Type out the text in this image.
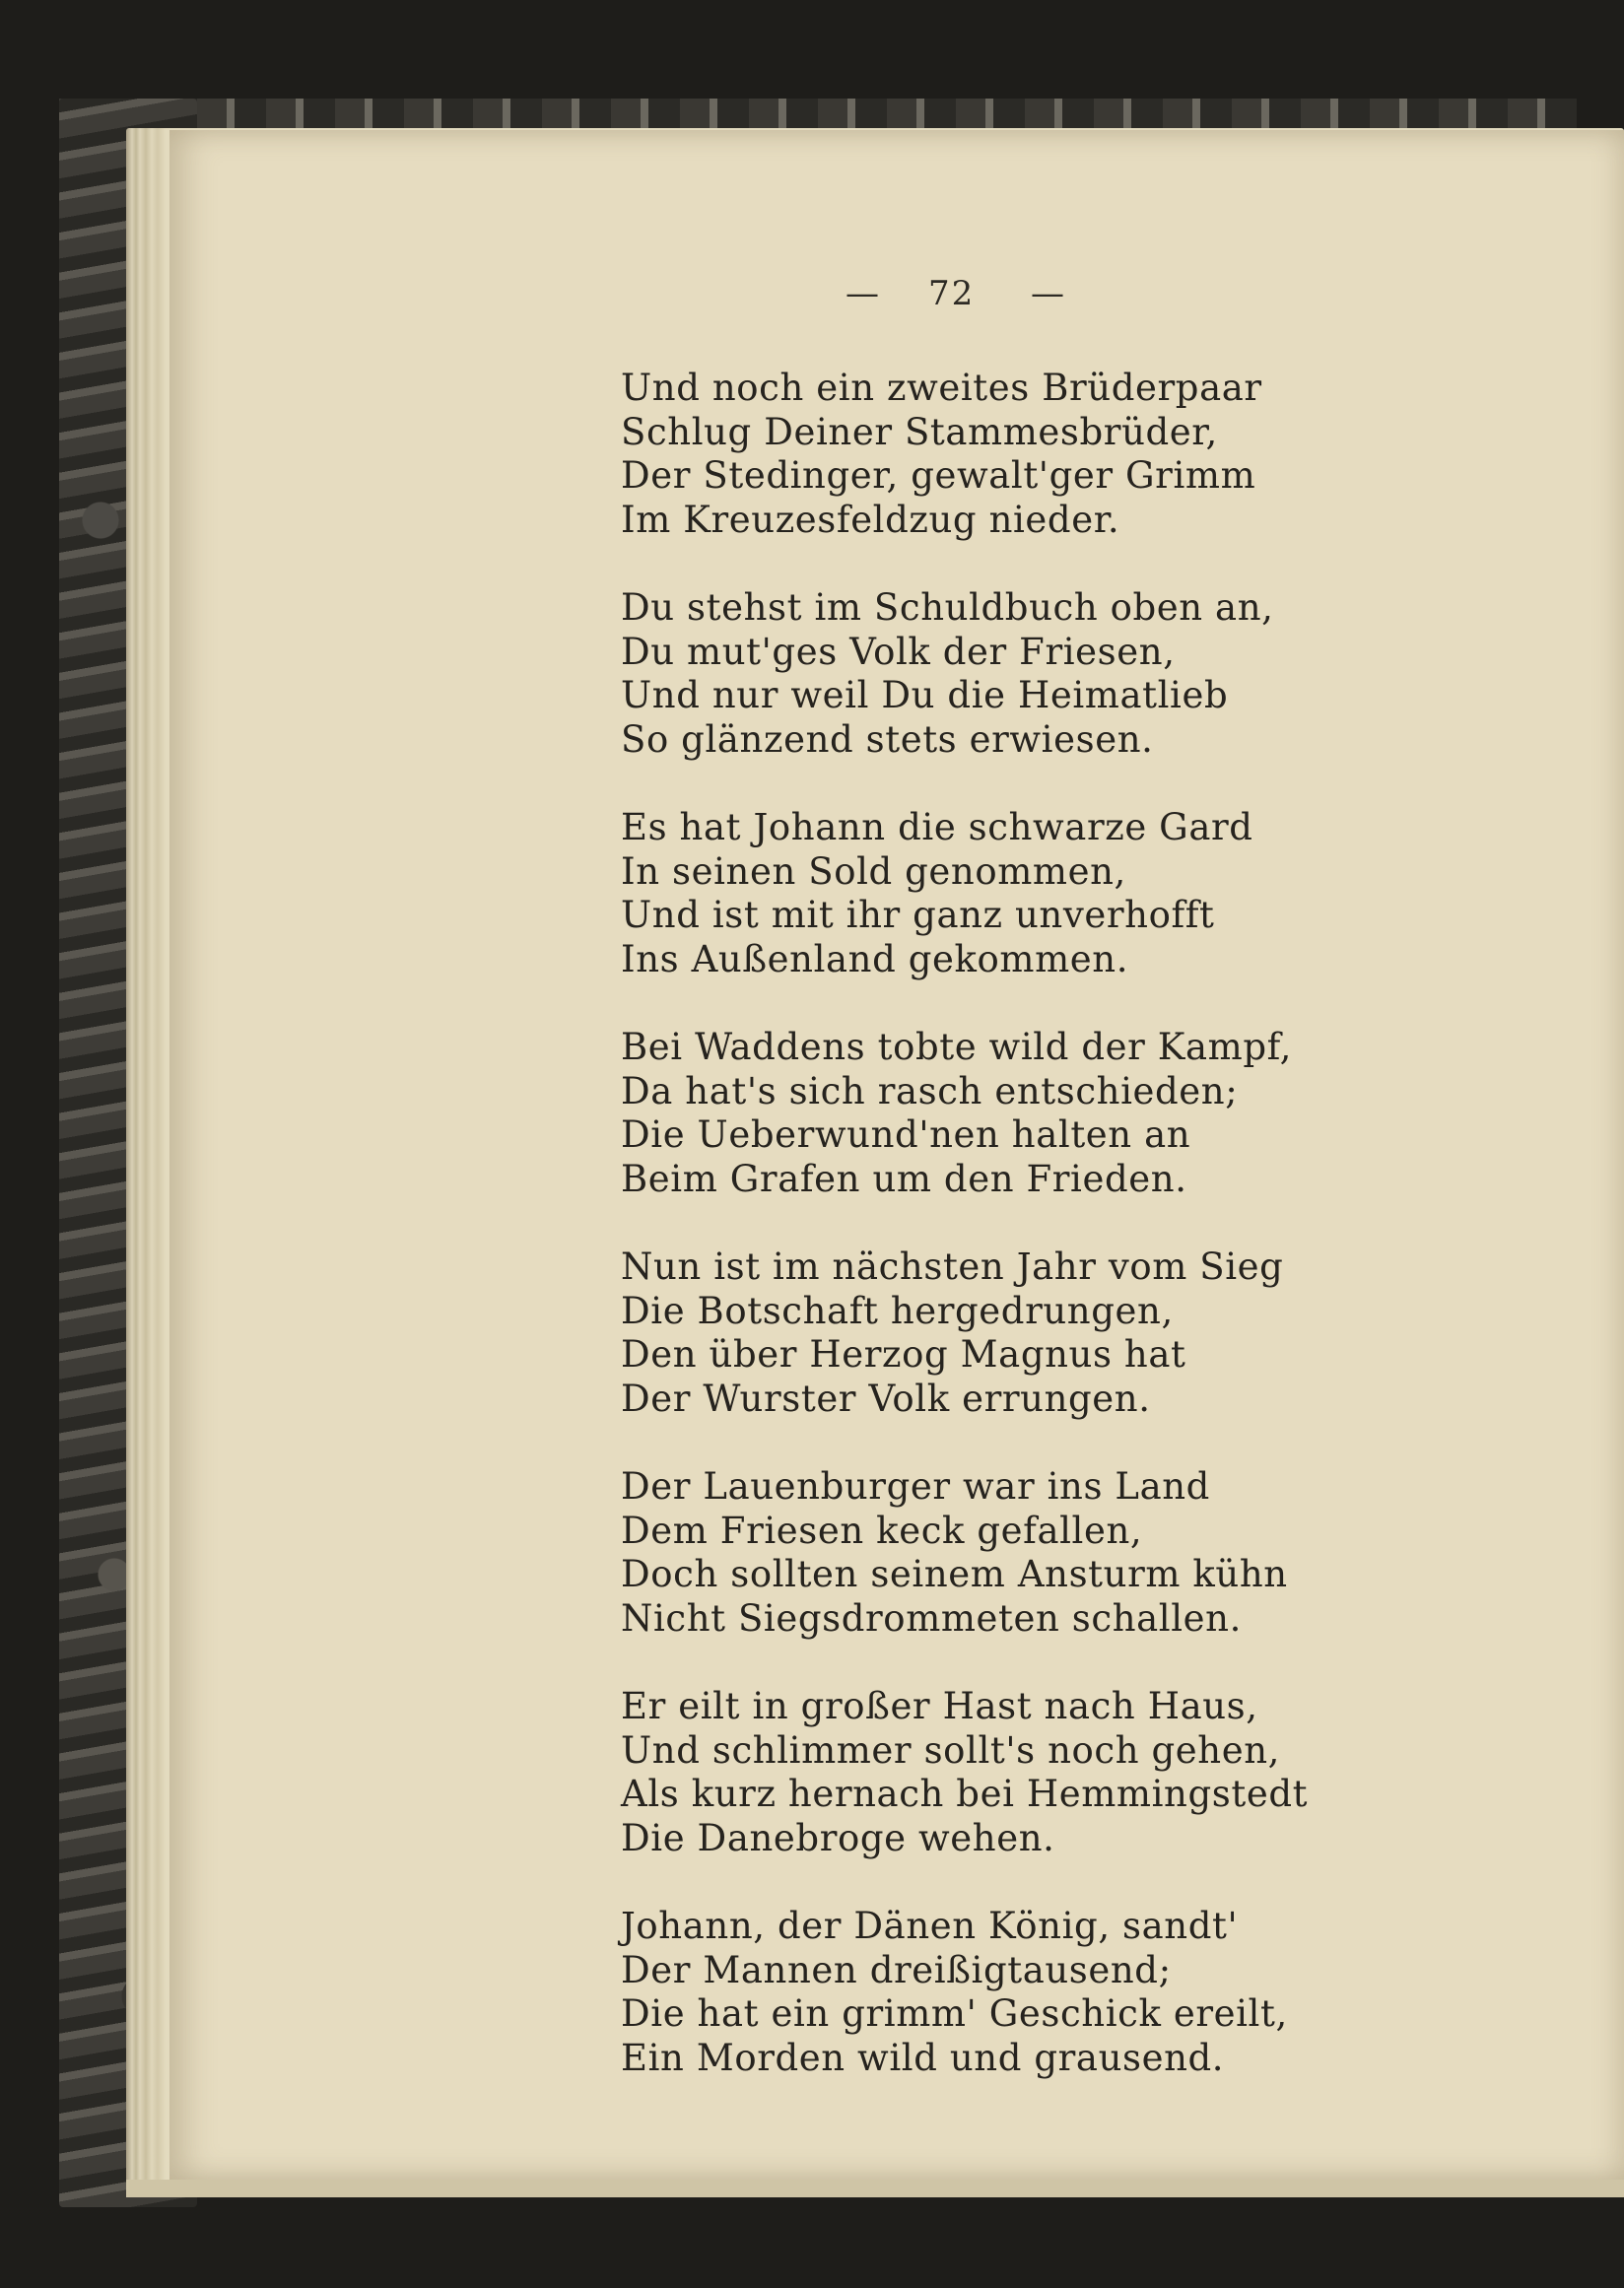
— 72 —
Und noch ein zweites Brüderpaar
Schlug Deiner Stammesbrüder,
Der Stedinger, gewalt'ger Grimm
Im Kreuzesfeldzug nieder.
Du stehst im Schuldbuch oben an,
Du mut'ges Volk der Friesen,
Und nur weil Du die Heimatlieb
So glänzend stets erwiesen.
Es hat Johann die schwarze Gard
In seinen Sold genommen,
Und ist mit ihr ganz unverhofft
Ins Außenland gekommen.
Bei Waddens tobte wild der Kampf,
Da hat's sich rasch entschieden;
Die Ueberwund'nen halten an
Beim Grafen um den Frieden.
Nun ist im nächsten Jahr vom Sieg
Die Botschaft hergedrungen,
Den über Herzog Magnus hat
Der Wurster Volk errungen.
Der Lauenburger war ins Land
Dem Friesen keck gefallen,
Doch sollten seinem Ansturm kühn
Nicht Siegsdrommeten schallen.
Er eilt in großer Hast nach Haus,
Und schlimmer sollt's noch gehen,
Als kurz hernach bei Hemmingstedt
Die Danebroge wehen.
Johann, der Dänen König, sandt'
Der Mannen dreißigtausend;
Die hat ein grimm' Geschick ereilt,
Ein Morden wild und grausend.
